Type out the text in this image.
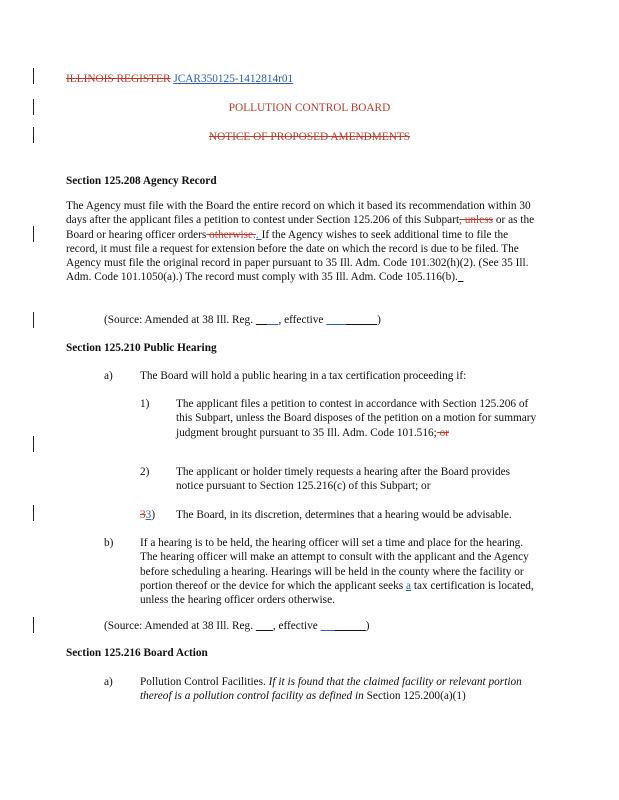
ILLINOIS REGISTER JCAR350125-1412814r01
POLLUTION CONTROL BOARD
NOTICE OF PROPOSED AMENDMENTS
Section 125.208 Agency Record
The Agency must file with the Board the entire record on which it based its recommendation within 30 days after the applicant files a petition to contest under Section 125.206 of this Subpart, unless or as the Board or hearing officer orders otherwise.. If the Agency wishes to seek additional time to file the record, it must file a request for extension before the date on which the record is due to be filed. The Agency must file the original record in paper pursuant to 35 Ill. Adm. Code 101.302(h)(2). (See 35 Ill. Adm. Code 101.1050(a).) The record must comply with 35 Ill. Adm. Code 105.116(b).
(Source: Amended at 38 Ill. Reg.         , effective	)
Section 125.210 Public Hearing
a) The Board will hold a public hearing in a tax certification proceeding if:
1) The applicant files a petition to contest in accordance with Section 125.206 of this Subpart, unless the Board disposes of the petition on a motion for summary judgment brought pursuant to 35 Ill. Adm. Code 101.516; or
2) The applicant or holder timely requests a hearing after the Board provides notice pursuant to Section 125.216(c) of this Subpart; or
33) The Board, in its discretion, determines that a hearing would be advisable.
b) If a hearing is to be held, the hearing officer will set a time and place for the hearing. The hearing officer will make an attempt to consult with the applicant and the Agency before scheduling a hearing. Hearings will be held in the county where the facility or portion thereof or the device for which the applicant seeks a tax certification is located, unless the hearing officer orders otherwise.
(Source: Amended at 38 Ill. Reg.       , effective	)
Section 125.216 Board Action
a) Pollution Control Facilities. If it is found that the claimed facility or relevant portion thereof is a pollution control facility as defined in Section 125.200(a)(1)
